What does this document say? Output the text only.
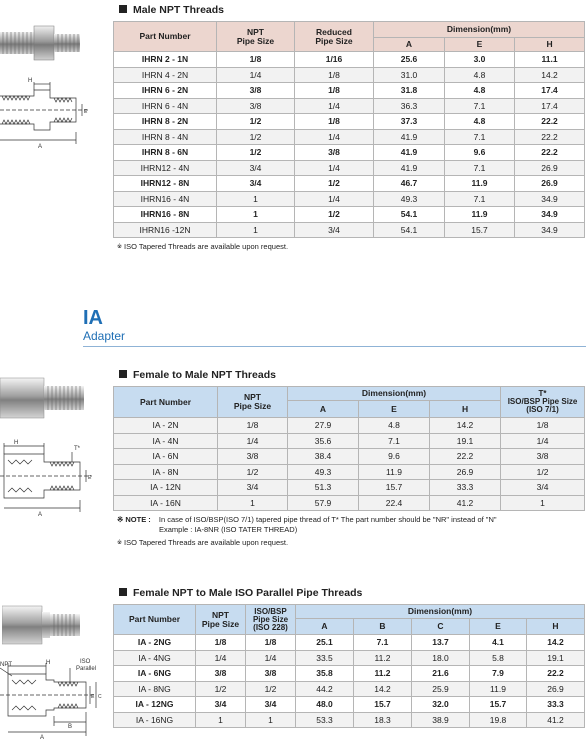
Male NPT Threads
H
A
E
Part Number	NPT
Pipe Size	Reduced
Pipe Size	Dimension(mm)		
			A	E	H
IHRN 2 - 1N	1/8	1/16	25.6	3.0	11.1
IHRN 4 - 2N	1/4	1/8	31.0	4.8	14.2
IHRN 6 - 2N	3/8	1/8	31.8	4.8	17.4
IHRN 6 - 4N	3/8	1/4	36.3	7.1	17.4
IHRN 8 - 2N	1/2	1/8	37.3	4.8	22.2
IHRN 8 - 4N	1/2	1/4	41.9	7.1	22.2
IHRN 8 - 6N	1/2	3/8	41.9	9.6	22.2
IHRN12 - 4N	3/4	1/4	41.9	7.1	26.9
IHRN12 - 8N	3/4	1/2	46.7	11.9	26.9
IHRN16 - 4N	1	1/4	49.3	7.1	34.9
IHRN16 - 8N	1	1/2	54.1	11.9	34.9
IHRN16 -12N	1	3/4	54.1	15.7	34.9
※ ISO Tapered Threads are available upon request.
IA
Adapter
Female to Male NPT Threads
H
T*
A
E
Part Number	NPT
Pipe Size	Dimension(mm)			T*
ISO/BSP Pipe Size
(ISO 7/1)
		A	E	H	
IA - 2N	1/8	27.9	4.8	14.2	1/8
IA - 4N	1/4	35.6	7.1	19.1	1/4
IA - 6N	3/8	38.4	9.6	22.2	3/8
IA - 8N	1/2	49.3	11.9	26.9	1/2
IA - 12N	3/4	51.3	15.7	33.3	3/4
IA - 16N	1	57.9	22.4	41.2	1
※ NOTE : In case of ISO/BSP(ISO 7/1) tapered pipe thread of T* The part number should be "NR" instead of "N"
Example : IA-8NR (ISO TATER THREAD)
※ ISO Tapered Threads are available upon request.
Female NPT to Male ISO Parallel Pipe Threads
NPT	H	ISO
Parallel
B
A
E C
Part Number	NPT
Pipe Size	ISO/BSP
Pipe Size
(ISO 228)	Dimension(mm)				
			A	B	C	E	H
IA - 2NG	1/8	1/8	25.1	7.1	13.7	4.1	14.2
IA - 4NG	1/4	1/4	33.5	11.2	18.0	5.8	19.1
IA - 6NG	3/8	3/8	35.8	11.2	21.6	7.9	22.2
IA - 8NG	1/2	1/2	44.2	14.2	25.9	11.9	26.9
IA - 12NG	3/4	3/4	48.0	15.7	32.0	15.7	33.3
IA - 16NG	1	1	53.3	18.3	38.9	19.8	41.2
